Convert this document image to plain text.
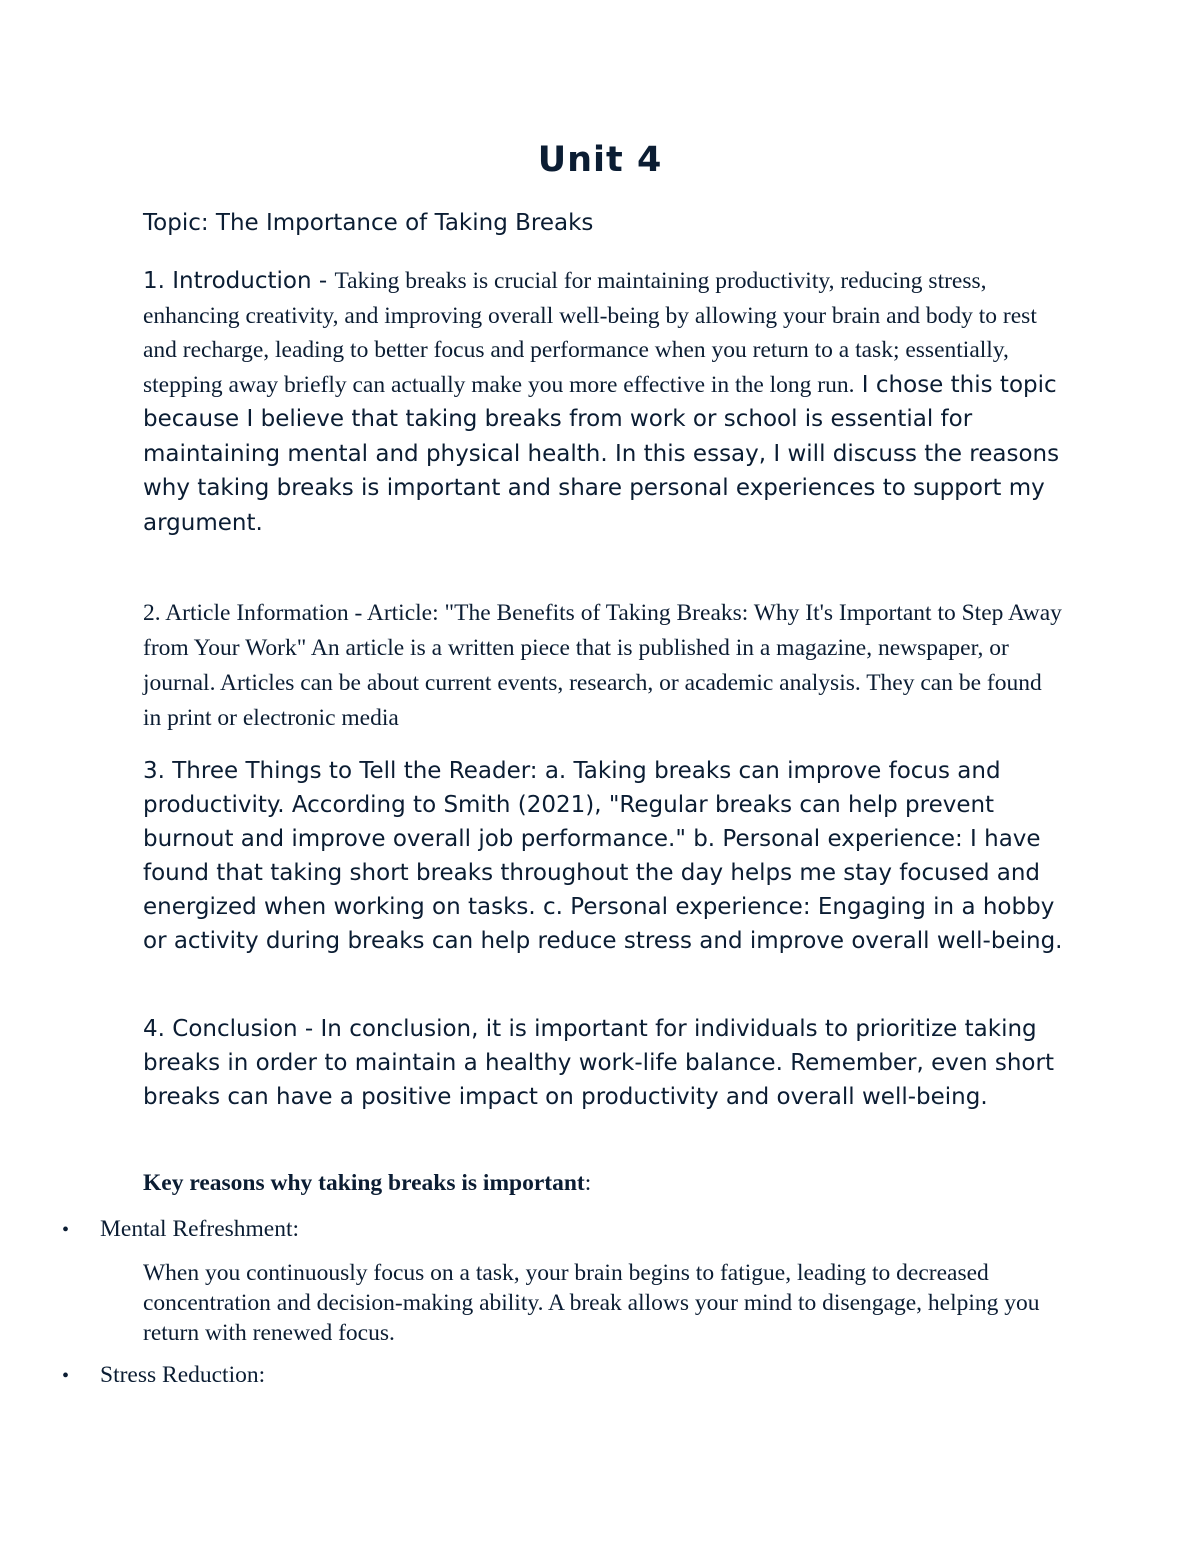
Unit 4

Topic: The Importance of Taking Breaks

1. Introduction - Taking breaks is crucial for maintaining productivity, reducing stress, enhancing creativity, and improving overall well-being by allowing your brain and body to rest and recharge, leading to better focus and performance when you return to a task; essentially, stepping away briefly can actually make you more effective in the long run. I chose this topic because I believe that taking breaks from work or school is essential for maintaining mental and physical health. In this essay, I will discuss the reasons why taking breaks is important and share personal experiences to support my argument.

2. Article Information - Article: "The Benefits of Taking Breaks: Why It's Important to Step Away from Your Work" An article is a written piece that is published in a magazine, newspaper, or journal. Articles can be about current events, research, or academic analysis. They can be found in print or electronic media

3. Three Things to Tell the Reader: a. Taking breaks can improve focus and productivity. According to Smith (2021), "Regular breaks can help prevent burnout and improve overall job performance." b. Personal experience: I have found that taking short breaks throughout the day helps me stay focused and energized when working on tasks. c. Personal experience: Engaging in a hobby or activity during breaks can help reduce stress and improve overall well-being.

4. Conclusion - In conclusion, it is important for individuals to prioritize taking breaks in order to maintain a healthy work-life balance. Remember, even short breaks can have a positive impact on productivity and overall well-being.

Key reasons why taking breaks is important:

• Mental Refreshment:

When you continuously focus on a task, your brain begins to fatigue, leading to decreased concentration and decision-making ability. A break allows your mind to disengage, helping you return with renewed focus.

• Stress Reduction:
